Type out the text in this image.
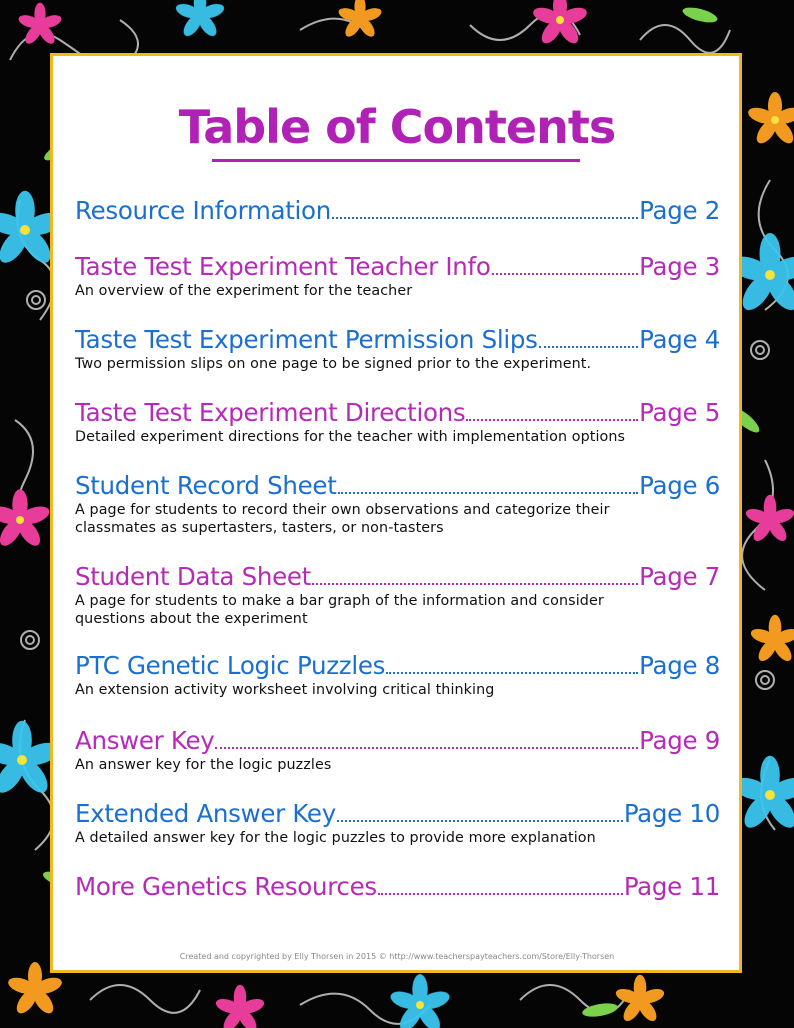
Table of Contents
Resource Information	Page 2
Taste Test Experiment Teacher Info	Page 3

An overview of the experiment for the teacher

Taste Test Experiment Permission Slips	Page 4

Two permission slips on one page to be signed prior to the experiment.

Taste Test Experiment Directions	Page 5

Detailed experiment directions for the teacher with implementation options

Student Record Sheet	Page 6

A page for students to record their own observations and categorize their

classmates as supertasters, tasters, or non-tasters

Student Data Sheet	Page 7

A page for students to make a bar graph of the information and consider

questions about the experiment

PTC Genetic Logic Puzzles	Page 8

An extension activity worksheet involving critical thinking

Answer Key	Page 9

An answer key for the logic puzzles

Extended Answer Key	Page 10

A detailed answer key for the logic puzzles to provide more explanation

More Genetics Resources	Page 11
Created and copyrighted by Elly Thorsen in 2015 © http://www.teacherspayteachers.com/Store/Elly-Thorsen
